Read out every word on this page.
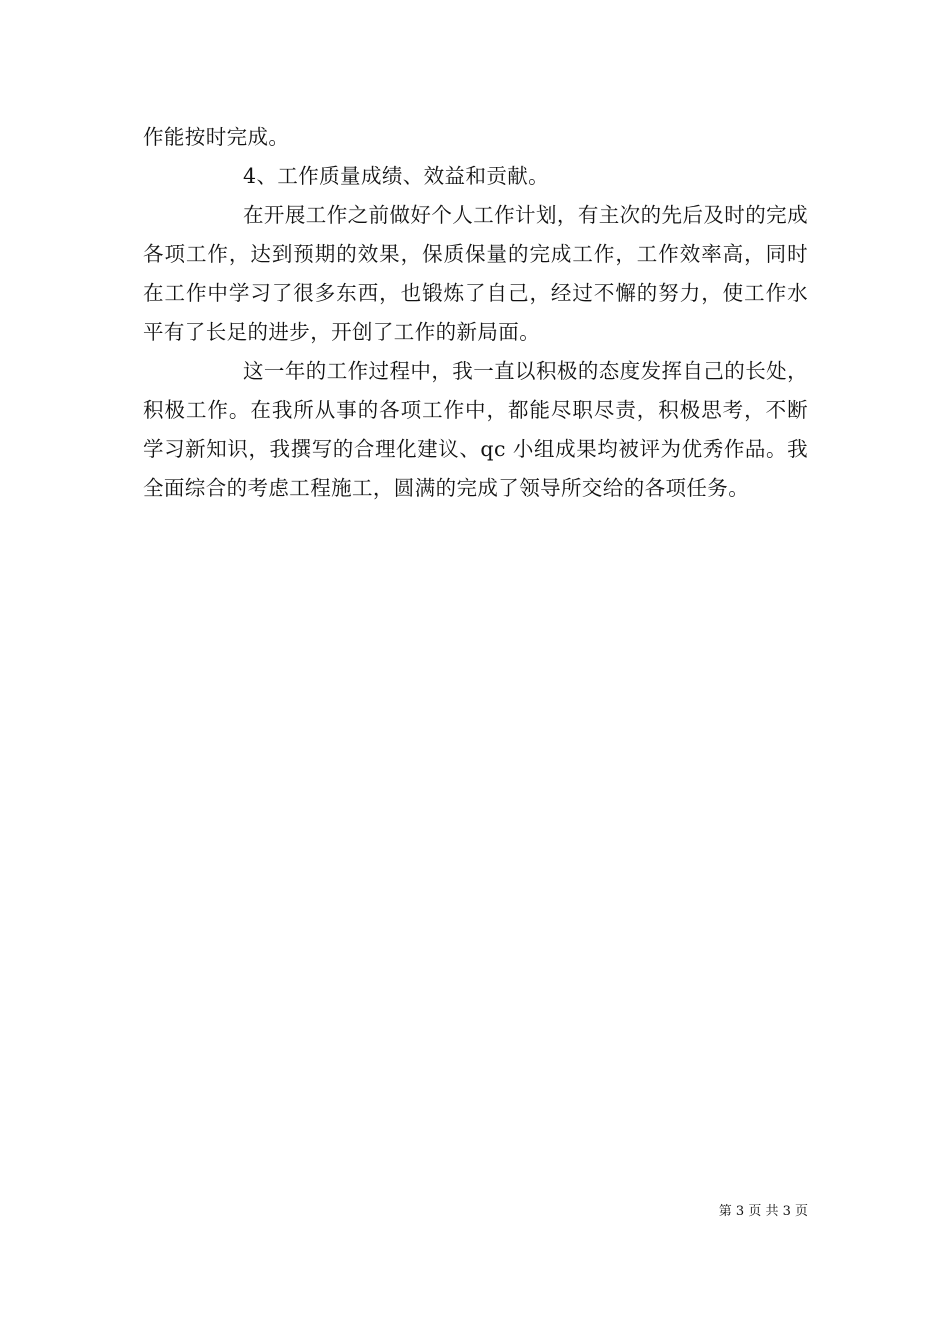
作能按时完成。

4、工作质量成绩、效益和贡献。

在开展工作之前做好个人工作计划，有主次的先后及时的完成各项工作，达到预期的效果，保质保量的完成工作，工作效率高，同时在工作中学习了很多东西，也锻炼了自己，经过不懈的努力，使工作水平有了长足的进步，开创了工作的新局面。

这一年的工作过程中，我一直以积极的态度发挥自己的长处，积极工作。在我所从事的各项工作中，都能尽职尽责，积极思考，不断学习新知识，我撰写的合理化建议、qc 小组成果均被评为优秀作品。我全面综合的考虑工程施工，圆满的完成了领导所交给的各项任务。

第 3 页 共 3 页
